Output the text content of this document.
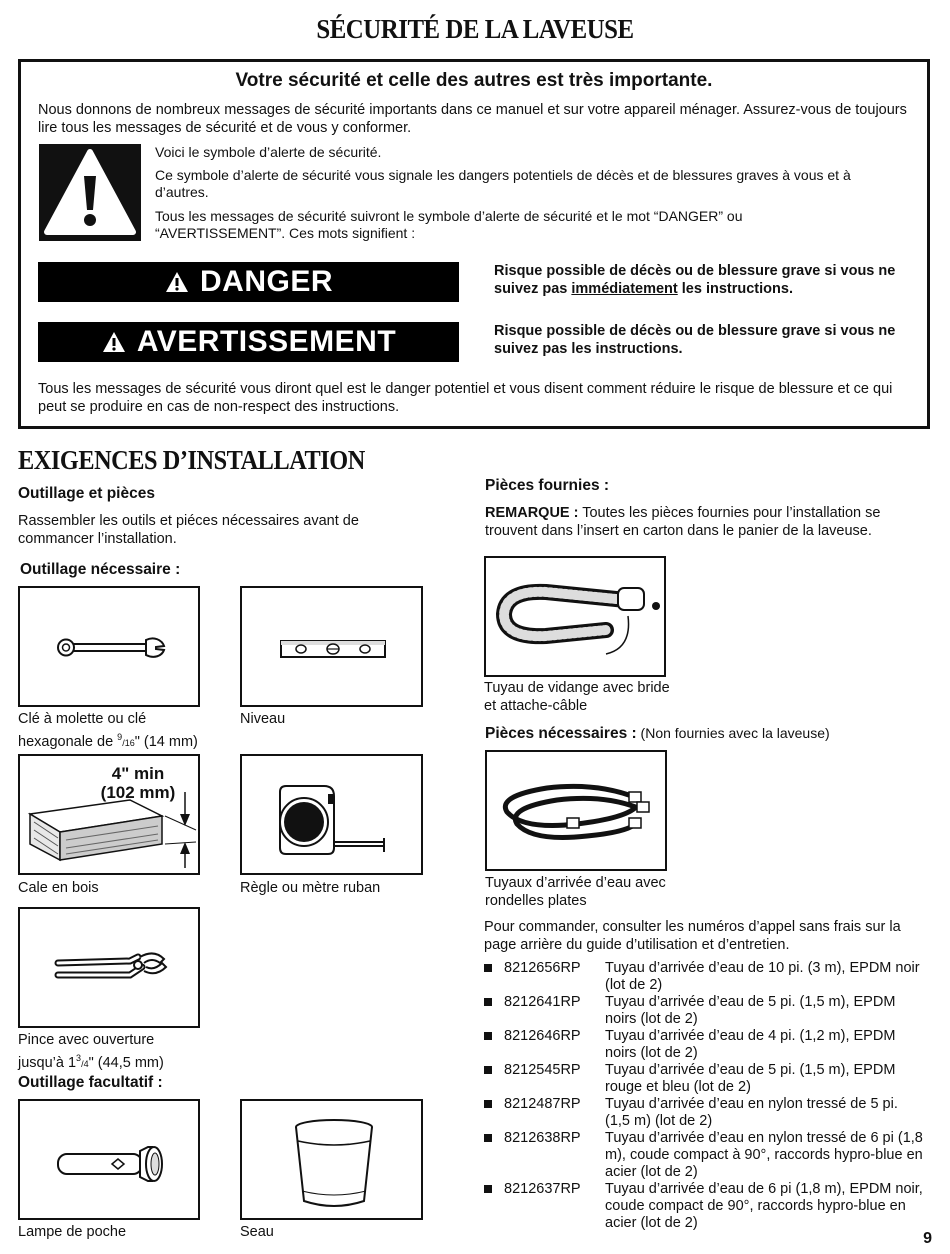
SÉCURITÉ DE LA LAVEUSE
Votre sécurité et celle des autres est très importante.
Nous donnons de nombreux messages de sécurité importants dans ce manuel et sur votre appareil ménager. Assurez-vous de toujours lire tous les messages de sécurité et de vous y conformer.
Voici le symbole d’alerte de sécurité.
Ce symbole d’alerte de sécurité vous signale les dangers potentiels de décès et de blessures graves à vous et à d’autres.
Tous les messages de sécurité suivront le symbole d’alerte de sécurité et le mot “DANGER” ou “AVERTISSEMENT”. Ces mots signifient :
DANGER	Risque possible de décès ou de blessure grave si vous ne suivez pas immédiatement les instructions.
AVERTISSEMENT	Risque possible de décès ou de blessure grave si vous ne suivez pas les instructions.
Tous les messages de sécurité vous diront quel est le danger potentiel et vous disent comment réduire le risque de blessure et ce qui peut se produire en cas de non-respect des instructions.
EXIGENCES D’INSTALLATION
Outillage et pièces
Rassembler les outils et piéces nécessaires avant de commancer l’installation.
Outillage nécessaire :
Clé à molette ou clé
hexagonale de $^9$/16" (14 mm)
Niveau
4" min
(102 mm)
Cale en bois	Règle ou mètre ruban
Pince avec ouverture
jusqu’à $1^3/4$" (44,5 mm)
Outillage facultatif :
Lampe de poche	Seau
Pièces fournies :
REMARQUE : Toutes les pièces fournies pour l’installation se trouvent dans l’insert en carton dans le panier de la laveuse.
Tuyau de vidange avec bride et attache-câble
Pièces nécessaires : (Non fournies avec la laveuse)
Tuyaux d’arrivée d’eau avec rondelles plates
Pour commander, consulter les numéros d’appel sans frais sur la page arrière du guide d’utilisation et d’entretien.
8212656RP	Tuyau d’arrivée d’eau de 10 pi. (3 m), EPDM noir (lot de 2)
8212641RP	Tuyau d’arrivée d’eau de 5 pi. (1,5 m), EPDM noirs (lot de 2)
8212646RP	Tuyau d’arrivée d’eau de 4 pi. (1,2 m), EPDM noirs (lot de 2)
8212545RP	Tuyau d’arrivée d’eau de 5 pi. (1,5 m), EPDM rouge et bleu (lot de 2)
8212487RP	Tuyau d’arrivée d’eau en nylon tressé de 5 pi. (1,5 m) (lot de 2)
8212638RP	Tuyau d’arrivée d’eau en nylon tressé de 6 pi (1,8 m), coude compact à 90°, raccords hypro-blue en acier (lot de 2)
8212637RP	Tuyau d’arrivée d’eau de 6 pi (1,8 m), EPDM noir, coude compact de 90°, raccords hypro-blue en acier (lot de 2)
9
